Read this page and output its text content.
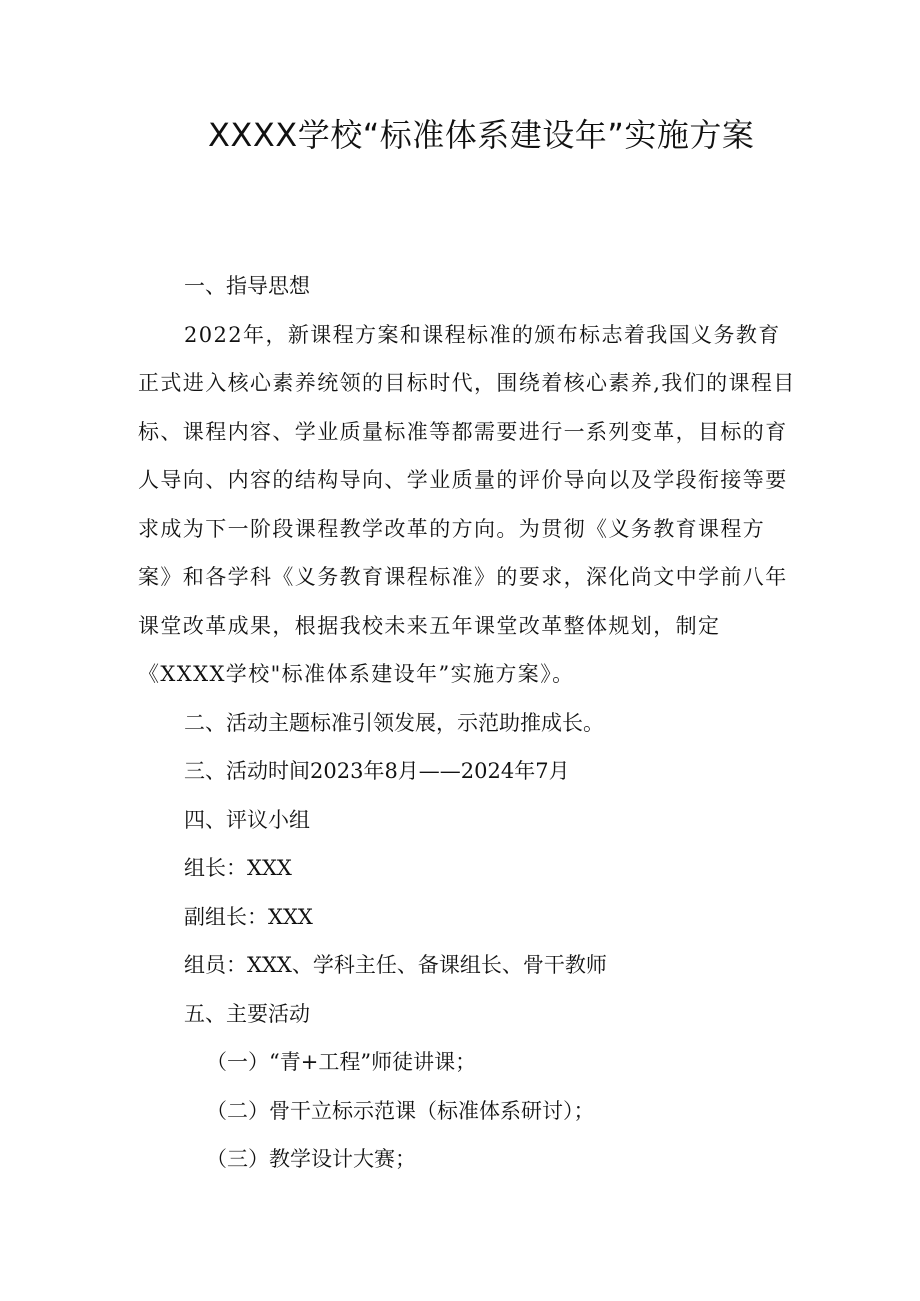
XXXX学校“标准体系建设年”实施方案

一、指导思想

2022年，新课程方案和课程标准的颁布标志着我国义务教育正式进入核心素养统领的目标时代，围绕着核心素养,我们的课程目标、课程内容、学业质量标准等都需要进行一系列变革，目标的育人导向、内容的结构导向、学业质量的评价导向以及学段衔接等要求成为下一阶段课程教学改革的方向。为贯彻《义务教育课程方案》和各学科《义务教育课程标准》的要求，深化尚文中学前八年课堂改革成果，根据我校未来五年课堂改革整体规划，制定《XXXX学校"标准体系建设年”实施方案》。

二、活动主题标准引领发展，示范助推成长。

三、活动时间2023年8月——2024年7月

四、评议小组

组长：XXX

副组长：XXX

组员：XXX、学科主任、备课组长、骨干教师

五、主要活动

（一）“青+工程”师徒讲课；

（二）骨干立标示范课（标准体系研讨）；

（三）教学设计大赛；
